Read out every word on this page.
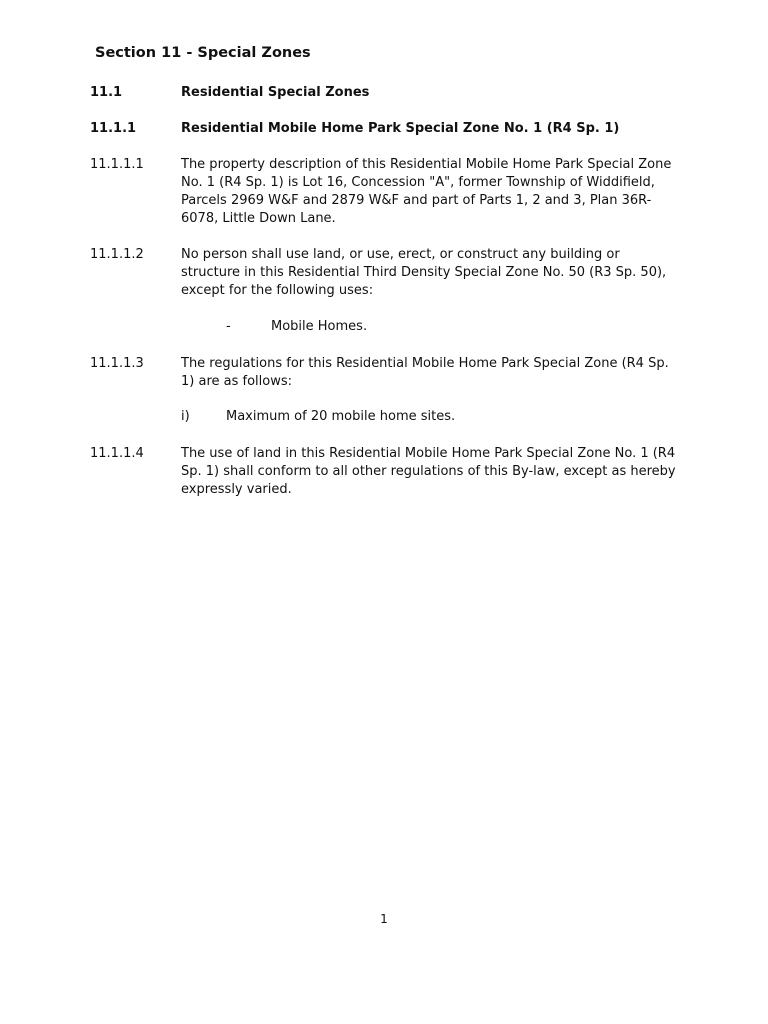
Section 11 - Special Zones
11.1	Residential Special Zones
11.1.1	Residential Mobile Home Park Special Zone No. 1 (R4 Sp. 1)
11.1.1.1	The property description of this Residential Mobile Home Park Special Zone No. 1 (R4 Sp. 1) is Lot 16, Concession "A", former Township of Widdifield, Parcels 2969 W&F and 2879 W&F and part of Parts 1, 2 and 3, Plan 36R-6078, Little Down Lane.
11.1.1.2	No person shall use land, or use, erect, or construct any building or structure in this Residential Third Density Special Zone No. 50 (R3 Sp. 50), except for the following uses:
-	Mobile Homes.
11.1.1.3	The regulations for this Residential Mobile Home Park Special Zone (R4 Sp. 1) are as follows:
i)	Maximum of 20 mobile home sites.
11.1.1.4	The use of land in this Residential Mobile Home Park Special Zone No. 1 (R4 Sp. 1) shall conform to all other regulations of this By-law, except as hereby expressly varied.
1
